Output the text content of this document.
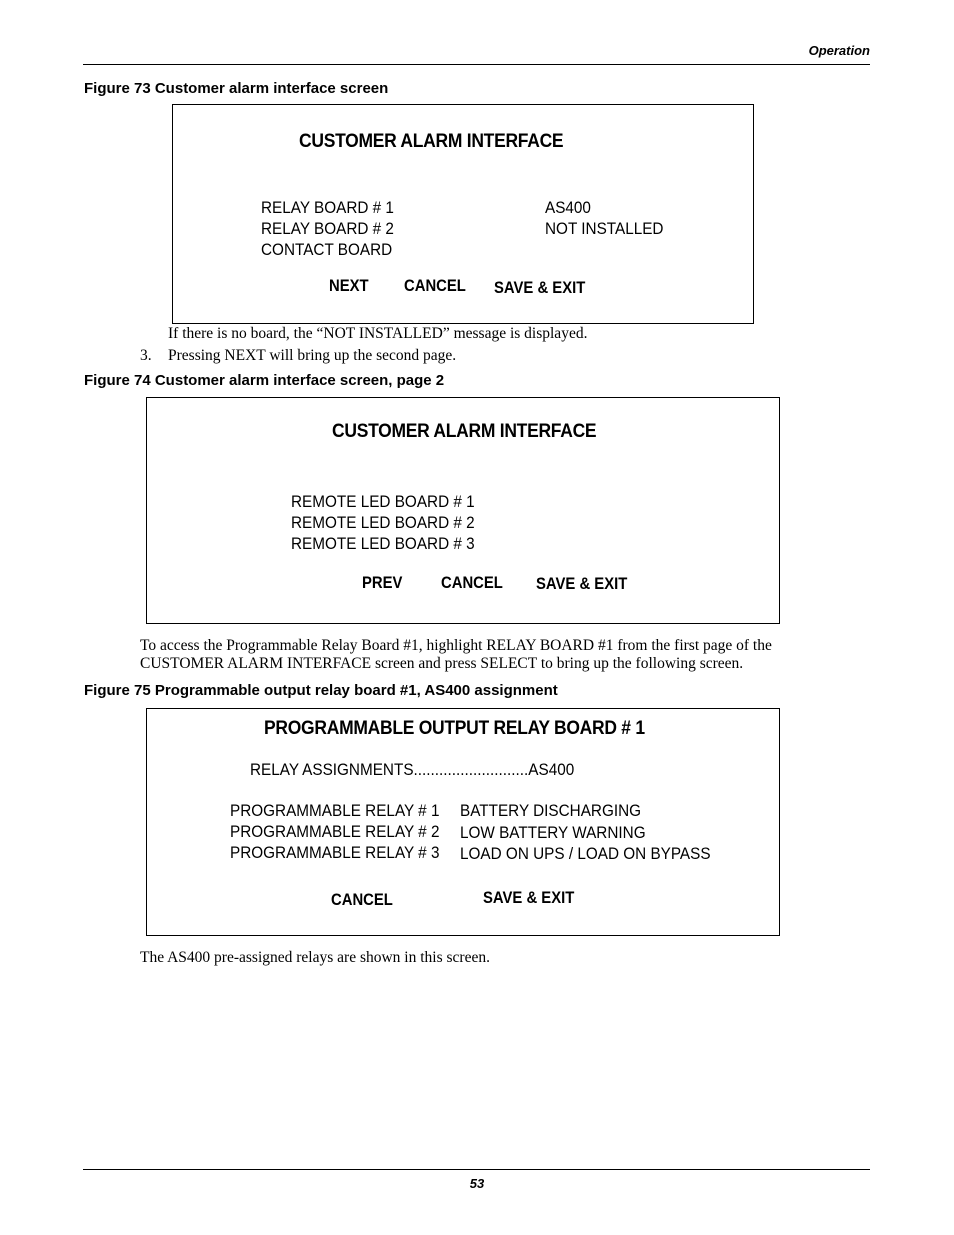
Operation
Figure 73 Customer alarm interface screen
CUSTOMER ALARM INTERFACE
RELAY BOARD # 1	AS400
RELAY BOARD # 2	NOT INSTALLED
CONTACT BOARD
NEXT CANCEL SAVE & EXIT
If there is no board, the “NOT INSTALLED” message is displayed.
3. Pressing NEXT will bring up the second page.
Figure 74 Customer alarm interface screen, page 2
CUSTOMER ALARM INTERFACE
REMOTE LED BOARD # 1
REMOTE LED BOARD # 2
REMOTE LED BOARD # 3
PREV CANCEL SAVE & EXIT
To access the Programmable Relay Board #1, highlight RELAY BOARD #1 from the first page of the
CUSTOMER ALARM INTERFACE screen and press SELECT to bring up the following screen.
Figure 75 Programmable output relay board #1, AS400 assignment
PROGRAMMABLE OUTPUT RELAY BOARD # 1
RELAY ASSIGNMENTS...........................AS400
PROGRAMMABLE RELAY # 1 BATTERY DISCHARGING
PROGRAMMABLE RELAY # 2 LOW BATTERY WARNING
PROGRAMMABLE RELAY # 3 LOAD ON UPS / LOAD ON BYPASS
CANCEL	SAVE & EXIT
The AS400 pre-assigned relays are shown in this screen.
53
